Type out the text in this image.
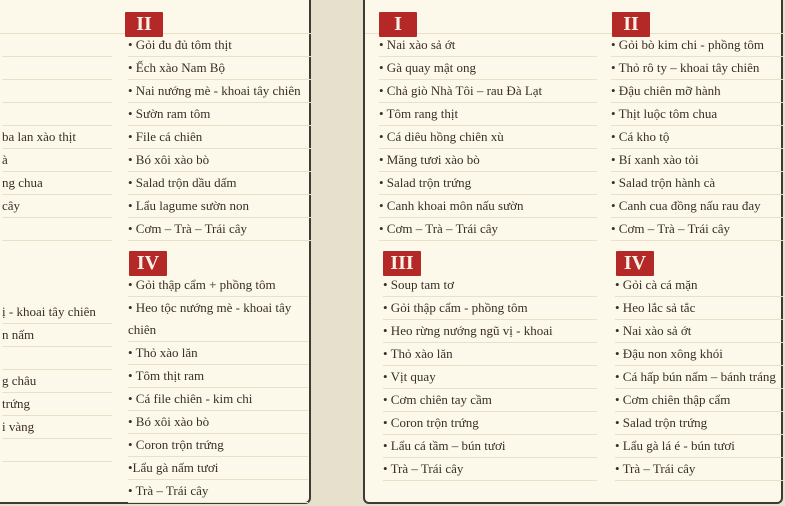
ba lan xào thịt
à
ng chua
cây

ị - khoai tây chiên
n nấm

g châu
trứng
i vàng

II
• Gỏi đu đủ tôm thịt
• Ếch xào Nam Bộ
• Nai nướng mè - khoai tây chiên
• Sườn ram tôm
• File cá chiên
• Bó xôi xào bò
• Salad trộn dầu dấm
• Lẩu lagume sườn non
• Cơm – Trà – Trái cây
IV
• Gỏi thập cẩm + phồng tôm
• Heo tộc nướng mè - khoai tây chiên
• Thỏ xào lăn
• Tôm thịt ram
• Cá file chiên - kim chi
• Bó xôi xào bò
• Coron trộn trứng
•Lẩu gà nấm tươi
• Trà – Trái cây
I
• Nai xào sả ớt
• Gà quay mật ong
• Chả giò Nhà Tôi – rau Đà Lạt
• Tôm rang thịt
• Cá diêu hồng chiên xù
• Măng tươi xào bò
• Salad trộn trứng
• Canh khoai môn nấu sườn
• Cơm – Trà – Trái cây
III
• Soup tam tơ
• Gỏi thập cẩm - phồng tôm
• Heo rừng nướng ngũ vị - khoai
• Thỏ xào lăn
• Vịt quay
• Cơm chiên tay cầm
• Coron trộn trứng
• Lẩu cá tầm – bún tươi
• Trà – Trái cây
II
• Gỏi bò kim chi - phồng tôm
• Thỏ rô ty – khoai tây chiên
• Đậu chiên mỡ hành
• Thịt luộc tôm chua
• Cá kho tộ
• Bí xanh xào tỏi
• Salad trộn hành cà
• Canh cua đồng nấu rau đay
• Cơm – Trà – Trái cây
IV
• Gỏi cà cá mặn
• Heo lắc sả tắc
• Nai xào sả ớt
• Đậu non xông khói
• Cá hấp bún nấm – bánh tráng
• Cơm chiên thập cẩm
• Salad trộn trứng
• Lẩu gà lá é - bún tươi
• Trà – Trái cây
